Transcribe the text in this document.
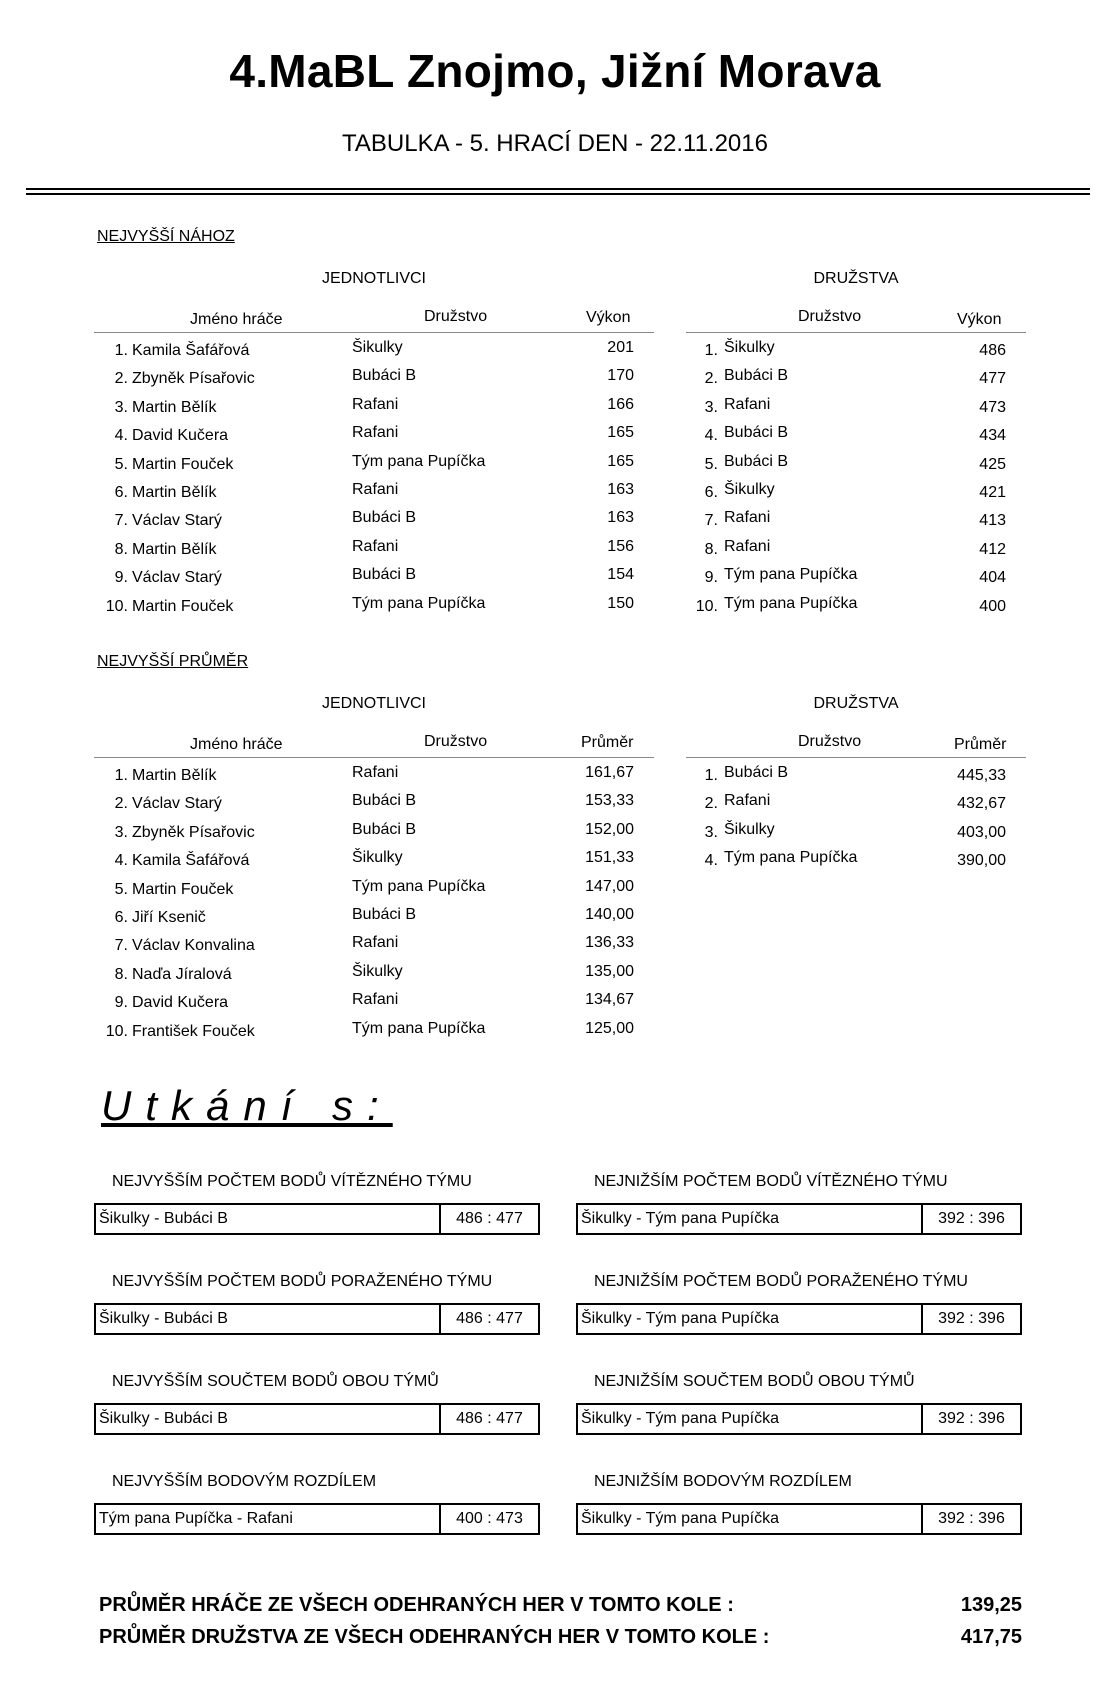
4.MaBL Znojmo, Jižní Morava
TABULKA - 5. HRACÍ DEN - 22.11.2016
NEJVYŠŠÍ NÁHOZ
JEDNOTLIVCI	DRUŽSTVA
Jméno hráče	Družstvo	Výkon
1. Kamila Šafářová	Šikulky	201
2. Zbyněk Písařovic	Bubáci B	170
3. Martin Bělík	Rafani	166
4. David Kučera	Rafani	165
5. Martin Fouček	Tým pana Pupíčka	165
6. Martin Bělík	Rafani	163
7. Václav Starý	Bubáci B	163
8. Martin Bělík	Rafani	156
9. Václav Starý	Bubáci B	154
10. Martin Fouček	Tým pana Pupíčka	150
Družstvo	Výkon
1. Šikulky	486
2. Bubáci B	477
3. Rafani	473
4. Bubáci B	434
5. Bubáci B	425
6. Šikulky	421
7. Rafani	413
8. Rafani	412
9. Tým pana Pupíčka	404
10. Tým pana Pupíčka	400
NEJVYŠŠÍ PRŮMĚR
JEDNOTLIVCI	DRUŽSTVA
Jméno hráče	Družstvo	Průměr
1. Martin Bělík	Rafani	161,67
2. Václav Starý	Bubáci B	153,33
3. Zbyněk Písařovic	Bubáci B	152,00
4. Kamila Šafářová	Šikulky	151,33
5. Martin Fouček	Tým pana Pupíčka	147,00
6. Jiří Ksenič	Bubáci B	140,00
7. Václav Konvalina	Rafani	136,33
8. Naďa Jíralová	Šikulky	135,00
9. David Kučera	Rafani	134,67
10. František Fouček	Tým pana Pupíčka	125,00
Družstvo	Průměr
1. Bubáci B	445,33
2. Rafani	432,67
3. Šikulky	403,00
4. Tým pana Pupíčka	390,00
Utkání s:
NEJVYŠŠÍM POČTEM BODŮ VÍTĚZNÉHO TÝMU
Šikulky - Bubáci B	486 : 477
NEJNIŽŠÍM POČTEM BODŮ VÍTĚZNÉHO TÝMU
Šikulky - Tým pana Pupíčka	392 : 396
NEJVYŠŠÍM POČTEM BODŮ PORAŽENÉHO TÝMU
Šikulky - Bubáci B	486 : 477
NEJNIŽŠÍM POČTEM BODŮ PORAŽENÉHO TÝMU
Šikulky - Tým pana Pupíčka	392 : 396
NEJVYŠŠÍM SOUČTEM BODŮ OBOU TÝMŮ
Šikulky - Bubáci B	486 : 477
NEJNIŽŠÍM SOUČTEM BODŮ OBOU TÝMŮ
Šikulky - Tým pana Pupíčka	392 : 396
NEJVYŠŠÍM BODOVÝM ROZDÍLEM
Tým pana Pupíčka - Rafani	400 : 473
NEJNIŽŠÍM BODOVÝM ROZDÍLEM
Šikulky - Tým pana Pupíčka	392 : 396
PRŮMĚR HRÁČE ZE VŠECH ODEHRANÝCH HER V TOMTO KOLE :	139,25
PRŮMĚR DRUŽSTVA ZE VŠECH ODEHRANÝCH HER V TOMTO KOLE :	417,75
